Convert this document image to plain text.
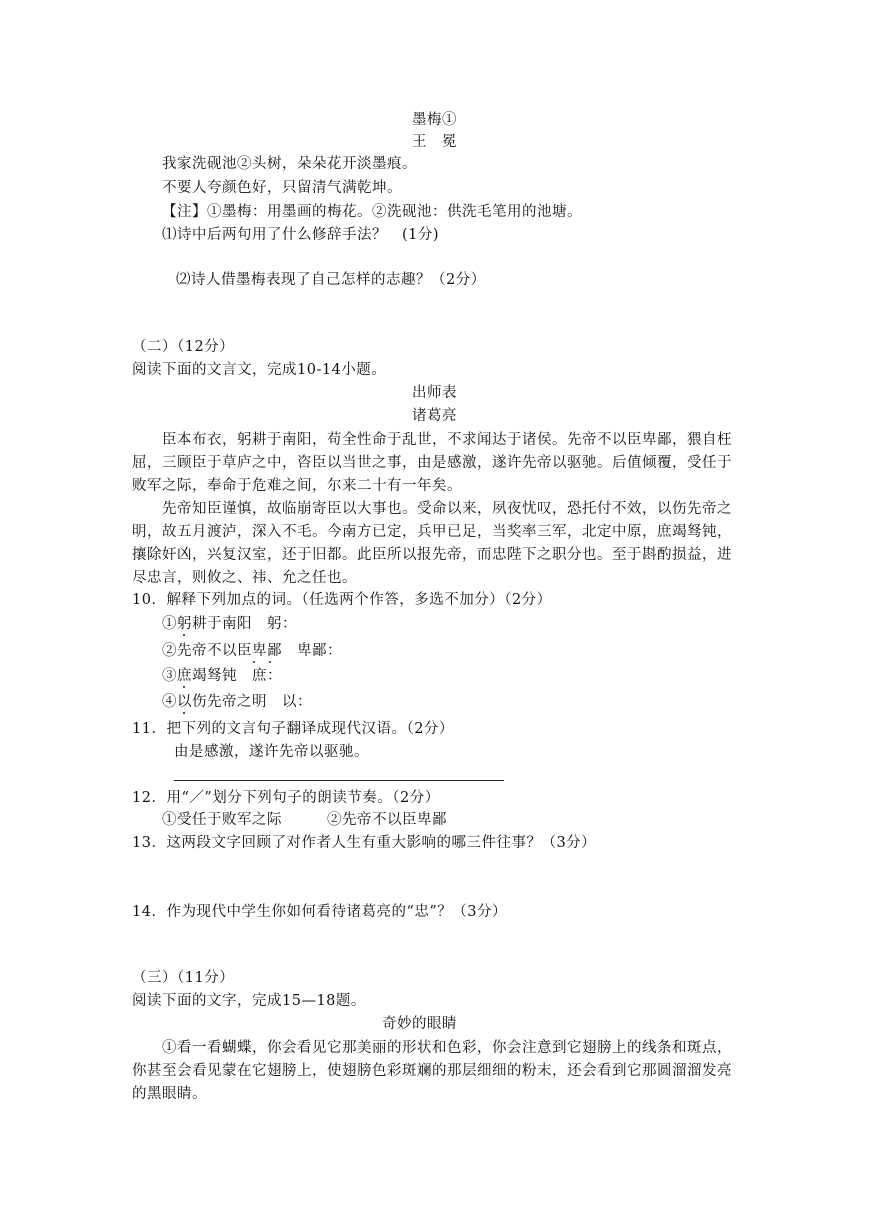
墨梅①
王　冕
我家洗砚池②头树，朵朵花开淡墨痕。
不要人夸颜色好，只留清气满乾坤。
【注】①墨梅：用墨画的梅花。②洗砚池：供洗毛笔用的池塘。
⑴诗中后两句用了什么修辞手法？　(1分)
⑵诗人借墨梅表现了自己怎样的志趣？（2分）
（二）（12分）
阅读下面的文言文，完成10-14小题。
出师表
诸葛亮
臣本布衣，躬耕于南阳，苟全性命于乱世，不求闻达于诸侯。先帝不以臣卑鄙，猥自枉
屈，三顾臣于草庐之中，咨臣以当世之事，由是感激，遂许先帝以驱驰。后值倾覆，受任于
败军之际，奉命于危难之间，尔来二十有一年矣。
先帝知臣谨慎，故临崩寄臣以大事也。受命以来，夙夜忧叹，恐托付不效，以伤先帝之
明，故五月渡泸，深入不毛。今南方已定，兵甲已足，当奖率三军，北定中原，庶竭驽钝，
攘除奸凶，兴复汉室，还于旧都。此臣所以报先帝，而忠陛下之职分也。至于斟酌损益，进
尽忠言，则攸之、祎、允之任也。
10．解释下列加点的词。（任选两个作答，多选不加分）（2分）
①躬耕于南阳　躬：
②先帝不以臣卑鄙　卑鄙：
③庶竭驽钝　庶：
④以伤先帝之明　以：
11．把下列的文言句子翻译成现代汉语。（2分）
由是感激，遂许先帝以驱驰。
12．用“／”划分下列句子的朗读节奏。（2分）
①受任于败军之际	②先帝不以臣卑鄙
13．这两段文字回顾了对作者人生有重大影响的哪三件往事？（3分）
14．作为现代中学生你如何看待诸葛亮的“忠”？（3分）
（三）（11分）
阅读下面的文字，完成15—18题。
奇妙的眼睛
①看一看蝴蝶，你会看见它那美丽的形状和色彩，你会注意到它翅膀上的线条和斑点，
你甚至会看见蒙在它翅膀上，使翅膀色彩斑斓的那层细细的粉末，还会看到它那圆溜溜发亮
的黑眼睛。
